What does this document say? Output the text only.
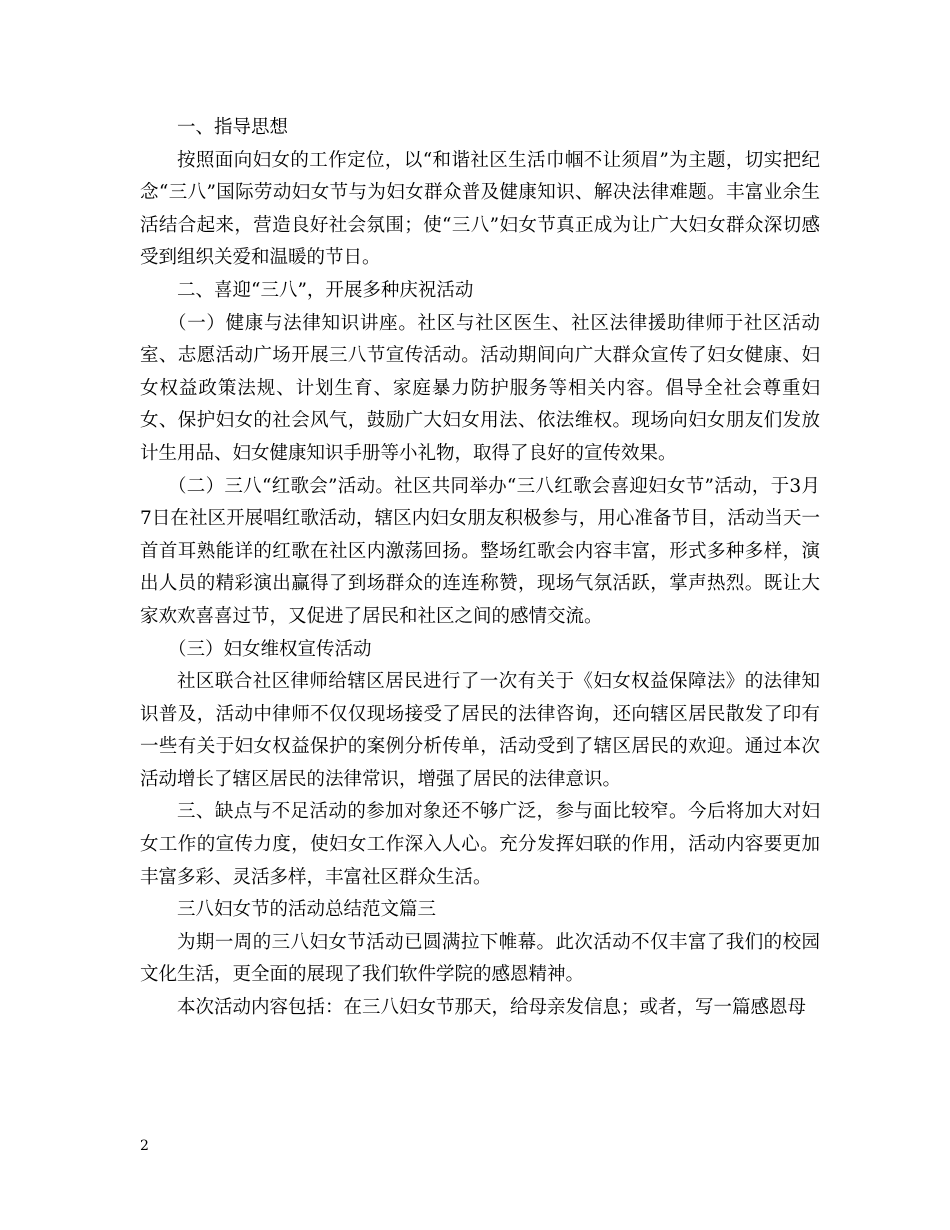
一、指导思想

按照面向妇女的工作定位，以“和谐社区生活巾帼不让须眉”为主题，切实把纪念“三八”国际劳动妇女节与为妇女群众普及健康知识、解决法律难题。丰富业余生活结合起来，营造良好社会氛围；使“三八”妇女节真正成为让广大妇女群众深切感受到组织关爱和温暖的节日。

二、喜迎“三八”，开展多种庆祝活动

（一）健康与法律知识讲座。社区与社区医生、社区法律援助律师于社区活动室、志愿活动广场开展三八节宣传活动。活动期间向广大群众宣传了妇女健康、妇女权益政策法规、计划生育、家庭暴力防护服务等相关内容。倡导全社会尊重妇女、保护妇女的社会风气，鼓励广大妇女用法、依法维权。现场向妇女朋友们发放计生用品、妇女健康知识手册等小礼物，取得了良好的宣传效果。

（二）三八“红歌会”活动。社区共同举办“三八红歌会喜迎妇女节”活动，于3月7日在社区开展唱红歌活动，辖区内妇女朋友积极参与，用心准备节目，活动当天一首首耳熟能详的红歌在社区内激荡回扬。整场红歌会内容丰富，形式多种多样，演出人员的精彩演出赢得了到场群众的连连称赞，现场气氛活跃，掌声热烈。既让大家欢欢喜喜过节，又促进了居民和社区之间的感情交流。

（三）妇女维权宣传活动

社区联合社区律师给辖区居民进行了一次有关于《妇女权益保障法》的法律知识普及，活动中律师不仅仅现场接受了居民的法律咨询，还向辖区居民散发了印有一些有关于妇女权益保护的案例分析传单，活动受到了辖区居民的欢迎。通过本次活动增长了辖区居民的法律常识，增强了居民的法律意识。

三、缺点与不足活动的参加对象还不够广泛，参与面比较窄。今后将加大对妇女工作的宣传力度，使妇女工作深入人心。充分发挥妇联的作用，活动内容要更加丰富多彩、灵活多样，丰富社区群众生活。

三八妇女节的活动总结范文篇三

为期一周的三八妇女节活动已圆满拉下帷幕。此次活动不仅丰富了我们的校园文化生活，更全面的展现了我们软件学院的感恩精神。

本次活动内容包括：在三八妇女节那天，给母亲发信息；或者，写一篇感恩母

2
